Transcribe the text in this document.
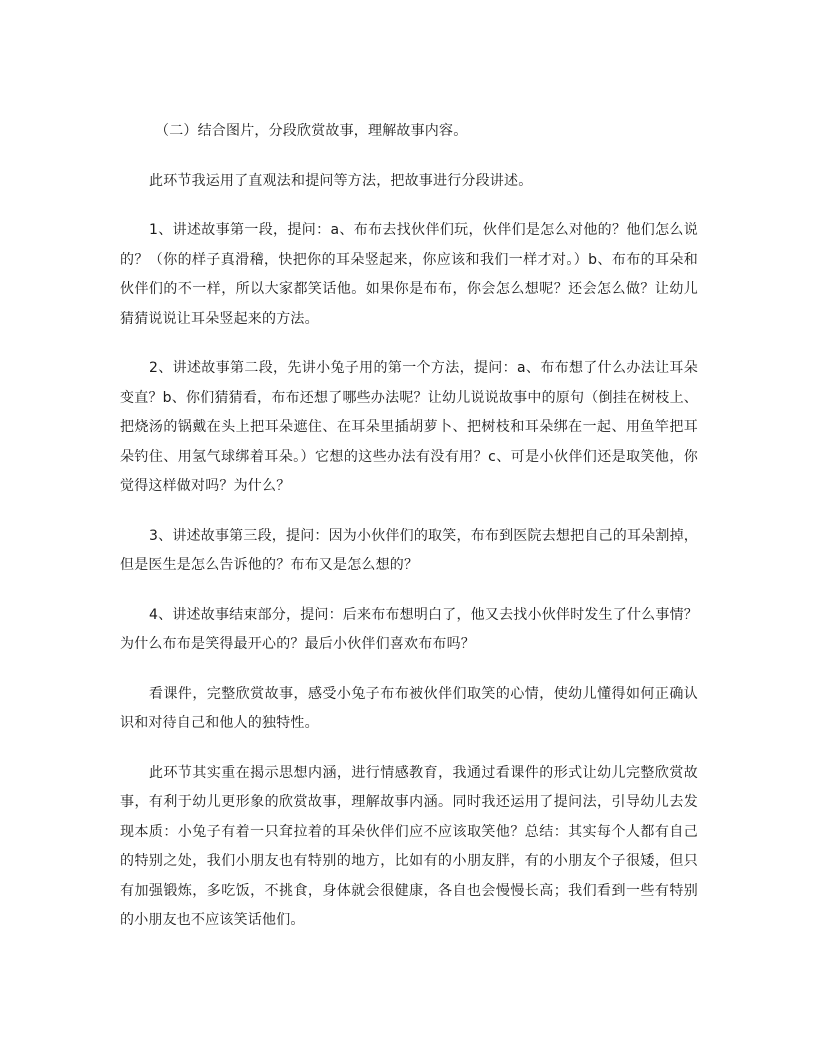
（二）结合图片，分段欣赏故事，理解故事内容。

此环节我运用了直观法和提问等方法，把故事进行分段讲述。

1、讲述故事第一段，提问：a、布布去找伙伴们玩，伙伴们是怎么对他的？他们怎么说的？（你的样子真滑稽，快把你的耳朵竖起来，你应该和我们一样才对。）b、布布的耳朵和伙伴们的不一样，所以大家都笑话他。如果你是布布，你会怎么想呢？还会怎么做？让幼儿猜猜说说让耳朵竖起来的方法。

2、讲述故事第二段，先讲小兔子用的第一个方法，提问：a、布布想了什么办法让耳朵变直？b、你们猜猜看，布布还想了哪些办法呢？让幼儿说说故事中的原句（倒挂在树枝上、把烧汤的锅戴在头上把耳朵遮住、在耳朵里插胡萝卜、把树枝和耳朵绑在一起、用鱼竿把耳朵钓住、用氢气球绑着耳朵。）它想的这些办法有没有用？c、可是小伙伴们还是取笑他，你觉得这样做对吗？为什么？

3、讲述故事第三段，提问：因为小伙伴们的取笑，布布到医院去想把自己的耳朵割掉，但是医生是怎么告诉他的？布布又是怎么想的？

4、讲述故事结束部分，提问：后来布布想明白了，他又去找小伙伴时发生了什么事情？为什么布布是笑得最开心的？最后小伙伴们喜欢布布吗？

看课件，完整欣赏故事，感受小兔子布布被伙伴们取笑的心情，使幼儿懂得如何正确认识和对待自己和他人的独特性。

此环节其实重在揭示思想内涵，进行情感教育，我通过看课件的形式让幼儿完整欣赏故事，有利于幼儿更形象的欣赏故事，理解故事内涵。同时我还运用了提问法，引导幼儿去发现本质：小兔子有着一只耷拉着的耳朵伙伴们应不应该取笑他？总结：其实每个人都有自己的特别之处，我们小朋友也有特别的地方，比如有的小朋友胖，有的小朋友个子很矮，但只有加强锻炼，多吃饭，不挑食，身体就会很健康，各自也会慢慢长高；我们看到一些有特别的小朋友也不应该笑话他们。
